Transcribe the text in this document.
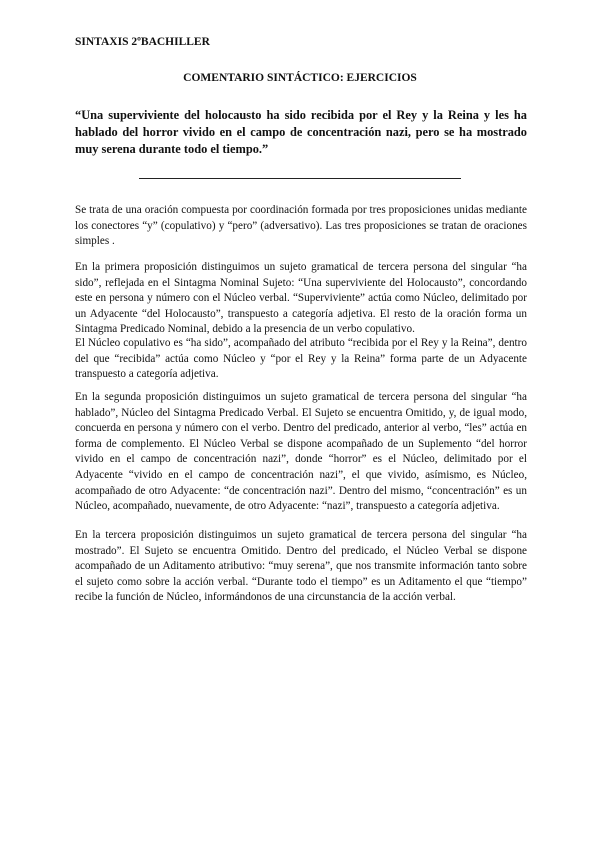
SINTAXIS 2ºBACHILLER
COMENTARIO SINTÁCTICO: EJERCICIOS
“Una superviviente del holocausto ha sido recibida por el Rey y la Reina y les ha hablado del horror vivido en el campo de concentración nazi, pero se ha mostrado muy serena durante todo el tiempo.”

Se trata de una oración compuesta por coordinación formada por tres proposiciones unidas mediante los conectores “y” (copulativo) y “pero” (adversativo). Las tres proposiciones se tratan de oraciones simples .

En la primera proposición distinguimos un sujeto gramatical de tercera persona del singular “ha sido”, reflejada en el Sintagma Nominal Sujeto: “Una superviviente del Holocausto”, concordando este en persona y número con el Núcleo verbal. “Superviviente” actúa como Núcleo, delimitado por un Adyacente “del Holocausto”, transpuesto a categoría adjetiva. El resto de la oración forma un Sintagma Predicado Nominal, debido a la presencia de un verbo copulativo.

El Núcleo copulativo es “ha sido”, acompañado del atributo “recibida por el Rey y la Reina”, dentro del que “recibida” actúa como Núcleo y “por el Rey y la Reina” forma parte de un Adyacente transpuesto a categoría adjetiva.

En la segunda proposición distinguimos un sujeto gramatical de tercera persona del singular “ha hablado”, Núcleo del Sintagma Predicado Verbal. El Sujeto se encuentra Omitido, y, de igual modo, concuerda en persona y número con el verbo. Dentro del predicado, anterior al verbo, “les” actúa en forma de complemento. El Núcleo Verbal se dispone acompañado de un Suplemento “del horror vivido en el campo de concentración nazi”, donde “horror” es el Núcleo, delimitado por el Adyacente “vivido en el campo de concentración nazi”, el que vivido, asímismo, es Núcleo, acompañado de otro Adyacente: “de concentración nazi”. Dentro del mismo, “concentración” es un Núcleo, acompañado, nuevamente, de otro Adyacente: “nazi”, transpuesto a categoría adjetiva.

En la tercera proposición distinguimos un sujeto gramatical de tercera persona del singular “ha mostrado”. El Sujeto se encuentra Omitido. Dentro del predicado, el Núcleo Verbal se dispone acompañado de un Aditamento atributivo: “muy serena”, que nos transmite información tanto sobre el sujeto como sobre la acción verbal. “Durante todo el tiempo” es un Aditamento el que “tiempo” recibe la función de Núcleo, informándonos de una circunstancia de la acción verbal.
